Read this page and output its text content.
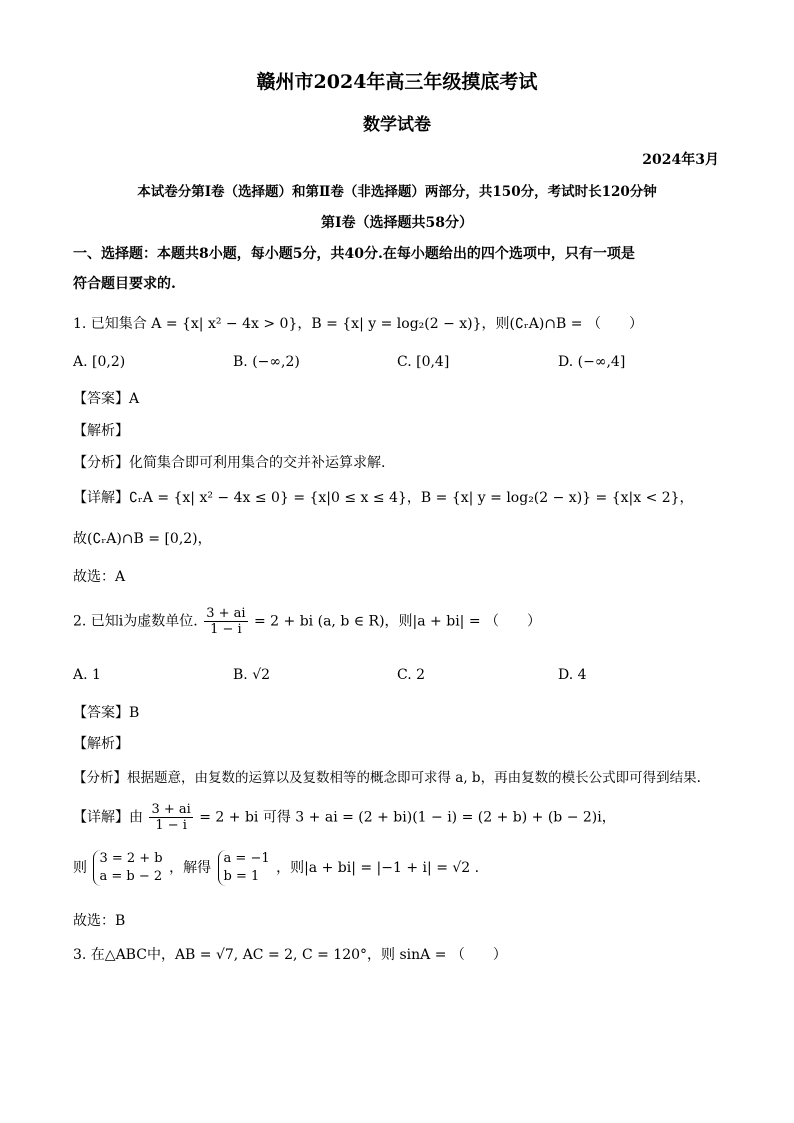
赣州市2024年高三年级摸底考试
数学试卷
2024年3月
本试卷分第Ⅰ卷（选择题）和第Ⅱ卷（非选择题）两部分，共150分，考试时长120分钟
第Ⅰ卷（选择题共58分）
一、选择题：本题共8小题，每小题5分，共40分.在每小题给出的四个选项中，只有一项是
符合题目要求的.
1. 已知集合 A = {x| x² − 4x > 0}，B = {x| y = log₂(2 − x)}，则(∁ᵣA)∩B = （　　）
A. [0,2)	B. (−∞,2)	C. [0,4]	D. (−∞,4]
【答案】A
【解析】
【分析】化简集合即可利用集合的交并补运算求解.
【详解】∁ᵣA = {x| x² − 4x ≤ 0} = {x|0 ≤ x ≤ 4}，B = {x| y = log₂(2 − x)} = {x|x < 2}，
故(∁ᵣA)∩B = [0,2)，
故选：A
2. 已知i为虚数单位. $\frac{3 + ai}{1 - i} = 2$ + bi (a, b ∈ R)，则|a + bi| = （　　）
A. 1	B. √2	C. 2	D. 4
【答案】B
【解析】
【分析】根据题意，由复数的运算以及复数相等的概念即可求得 a, b，再由复数的模长公式即可得到结果.
【详解】由 $\frac{3 + ai}{1 - i} = 2$ + bi 可得 3 + ai = (2 + bi)(1 − i) = (2 + b) + (b − 2)i，
则
3 = 2 + b
a = b − 2
，解得
a = −1
b = 1
，则|a + bi| = |−1 + i| = √2 .
故选：B
3. 在△ABC中，AB = √7, AC = 2, C = 120°，则 sinA = （　　）
